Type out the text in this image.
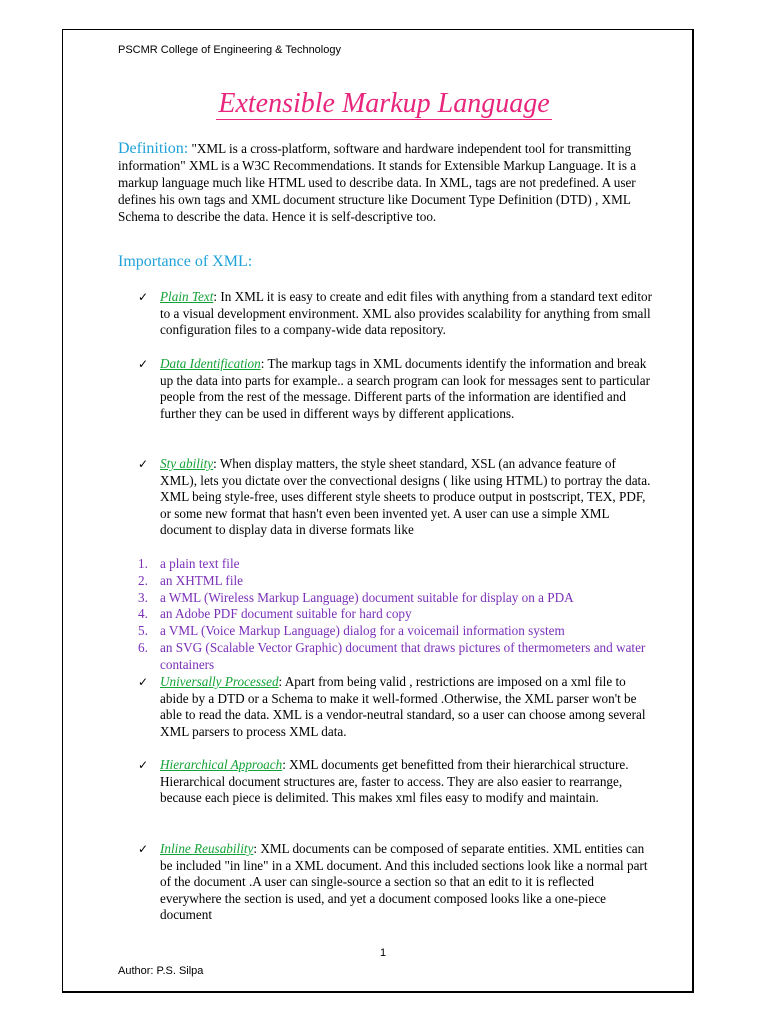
PSCMR College of Engineering & Technology
Extensible Markup Language
Definition: "XML is a cross-platform, software and hardware independent tool for transmitting information" XML is a W3C Recommendations. It stands for Extensible Markup Language. It is a markup language much like HTML used to describe data. In XML, tags are not predefined. A user defines his own tags and XML document structure like Document Type Definition (DTD) , XML Schema to describe the data. Hence it is self-descriptive too.
Importance of XML:
✓ Plain Text: In XML it is easy to create and edit files with anything from a standard text editor to a visual development environment. XML also provides scalability for anything from small configuration files to a company-wide data repository.
✓ Data Identification: The markup tags in XML documents identify the information and break up the data into parts for example.. a search program can look for messages sent to particular people from the rest of the message. Different parts of the information are identified and further they can be used in different ways by different applications.
✓ Sty ability: When display matters, the style sheet standard, XSL (an advance feature of XML), lets you dictate over the convectional designs ( like using HTML) to portray the data. XML being style-free, uses different style sheets to produce output in postscript, TEX, PDF, or some new format that hasn't even been invented yet. A user can use a simple XML document to display data in diverse formats like
1. a plain text file
2. an XHTML file
3. a WML (Wireless Markup Language) document suitable for display on a PDA
4. an Adobe PDF document suitable for hard copy
5. a VML (Voice Markup Language) dialog for a voicemail information system
6. an SVG (Scalable Vector Graphic) document that draws pictures of thermometers and water containers
✓ Universally Processed: Apart from being valid , restrictions are imposed on a xml file to abide by a DTD or a Schema to make it well-formed .Otherwise, the XML parser won't be able to read the data. XML is a vendor-neutral standard, so a user can choose among several XML parsers to process XML data.
✓ Hierarchical Approach: XML documents get benefitted from their hierarchical structure. Hierarchical document structures are, faster to access. They are also easier to rearrange, because each piece is delimited. This makes xml files easy to modify and maintain.
✓ Inline Reusability: XML documents can be composed of separate entities. XML entities can be included "in line" in a XML document. And this included sections look like a normal part of the document .A user can single-source a section so that an edit to it is reflected everywhere the section is used, and yet a document composed looks like a one-piece document
1
Author: P.S. Silpa
